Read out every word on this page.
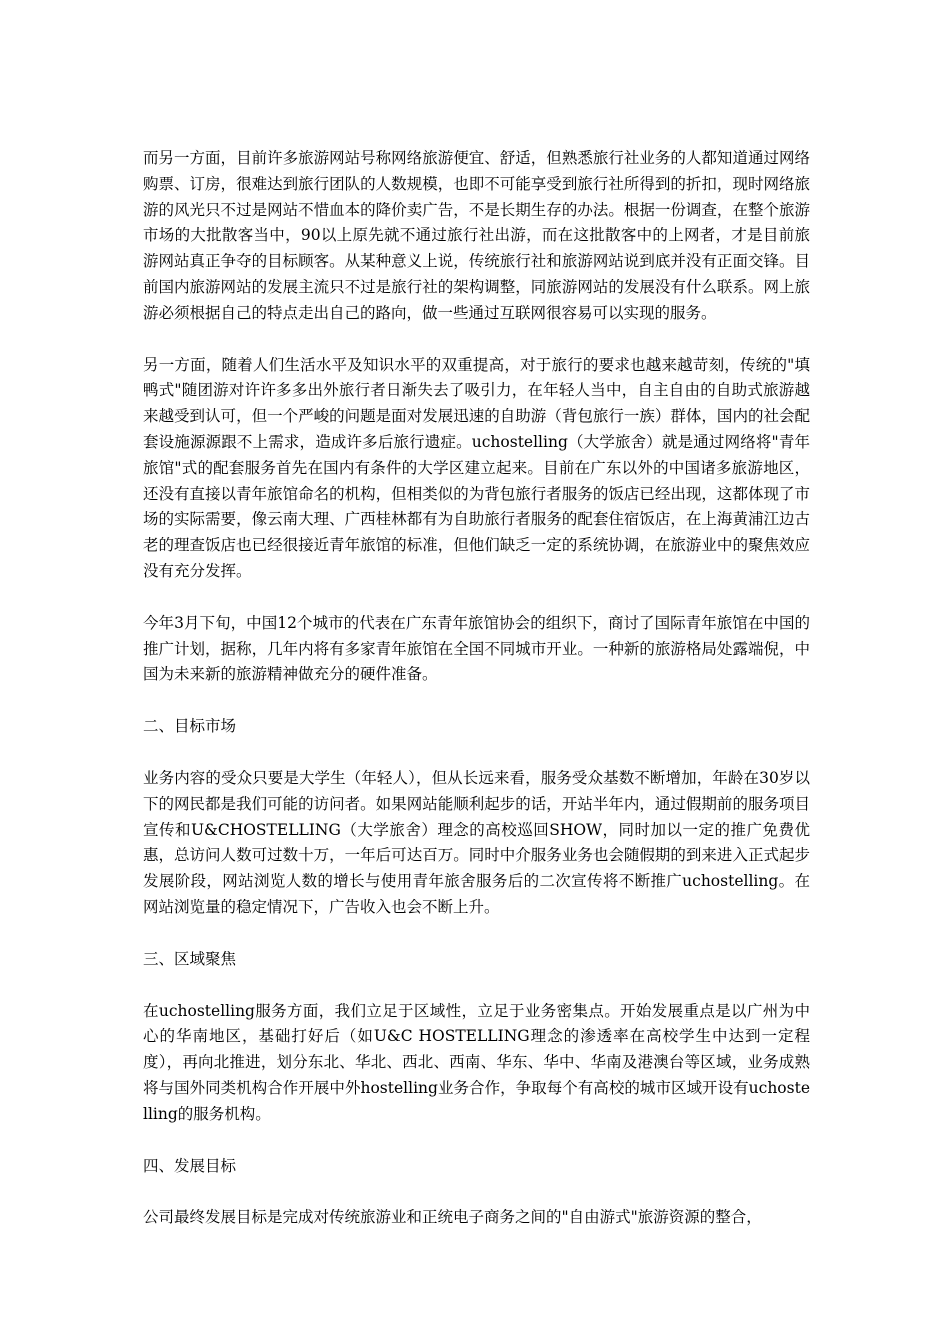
而另一方面，目前许多旅游网站号称网络旅游便宜、舒适，但熟悉旅行社业务的人都知道通过网络购票、订房，很难达到旅行团队的人数规模，也即不可能享受到旅行社所得到的折扣，现时网络旅游的风光只不过是网站不惜血本的降价卖广告，不是长期生存的办法。根据一份调查，在整个旅游市场的大批散客当中，90以上原先就不通过旅行社出游，而在这批散客中的上网者，才是目前旅游网站真正争夺的目标顾客。从某种意义上说，传统旅行社和旅游网站说到底并没有正面交锋。目前国内旅游网站的发展主流只不过是旅行社的架构调整，同旅游网站的发展没有什么联系。网上旅游必须根据自己的特点走出自己的路向，做一些通过互联网很容易可以实现的服务。

另一方面，随着人们生活水平及知识水平的双重提高，对于旅行的要求也越来越苛刻，传统的"填鸭式"随团游对许许多多出外旅行者日渐失去了吸引力，在年轻人当中，自主自由的自助式旅游越来越受到认可，但一个严峻的问题是面对发展迅速的自助游（背包旅行一族）群体，国内的社会配套设施源源跟不上需求，造成许多后旅行遗症。uchostelling（大学旅舍）就是通过网络将"青年旅馆"式的配套服务首先在国内有条件的大学区建立起来。目前在广东以外的中国诸多旅游地区，还没有直接以青年旅馆命名的机构，但相类似的为背包旅行者服务的饭店已经出现，这都体现了市场的实际需要，像云南大理、广西桂林都有为自助旅行者服务的配套住宿饭店，在上海黄浦江边古老的理查饭店也已经很接近青年旅馆的标准，但他们缺乏一定的系统协调，在旅游业中的聚焦效应没有充分发挥。

今年3月下旬，中国12个城市的代表在广东青年旅馆协会的组织下，商讨了国际青年旅馆在中国的推广计划，据称，几年内将有多家青年旅馆在全国不同城市开业。一种新的旅游格局处露端倪，中国为未来新的旅游精神做充分的硬件准备。

二、目标市场

业务内容的受众只要是大学生（年轻人），但从长远来看，服务受众基数不断增加，年龄在30岁以下的网民都是我们可能的访问者。如果网站能顺利起步的话，开站半年内，通过假期前的服务项目宣传和U&CHOSTELLING（大学旅舍）理念的高校巡回SHOW，同时加以一定的推广免费优惠，总访问人数可过数十万，一年后可达百万。同时中介服务业务也会随假期的到来进入正式起步发展阶段，网站浏览人数的增长与使用青年旅舍服务后的二次宣传将不断推广uchostelling。在网站浏览量的稳定情况下，广告收入也会不断上升。

三、区域聚焦

在uchostelling服务方面，我们立足于区域性，立足于业务密集点。开始发展重点是以广州为中心的华南地区，基础打好后（如U&C HOSTELLING理念的渗透率在高校学生中达到一定程度），再向北推进，划分东北、华北、西北、西南、华东、华中、华南及港澳台等区域，业务成熟将与国外同类机构合作开展中外hostelling业务合作，争取每个有高校的城市区域开设有uchostelling的服务机构。

四、发展目标

公司最终发展目标是完成对传统旅游业和正统电子商务之间的"自由游式"旅游资源的整合，
